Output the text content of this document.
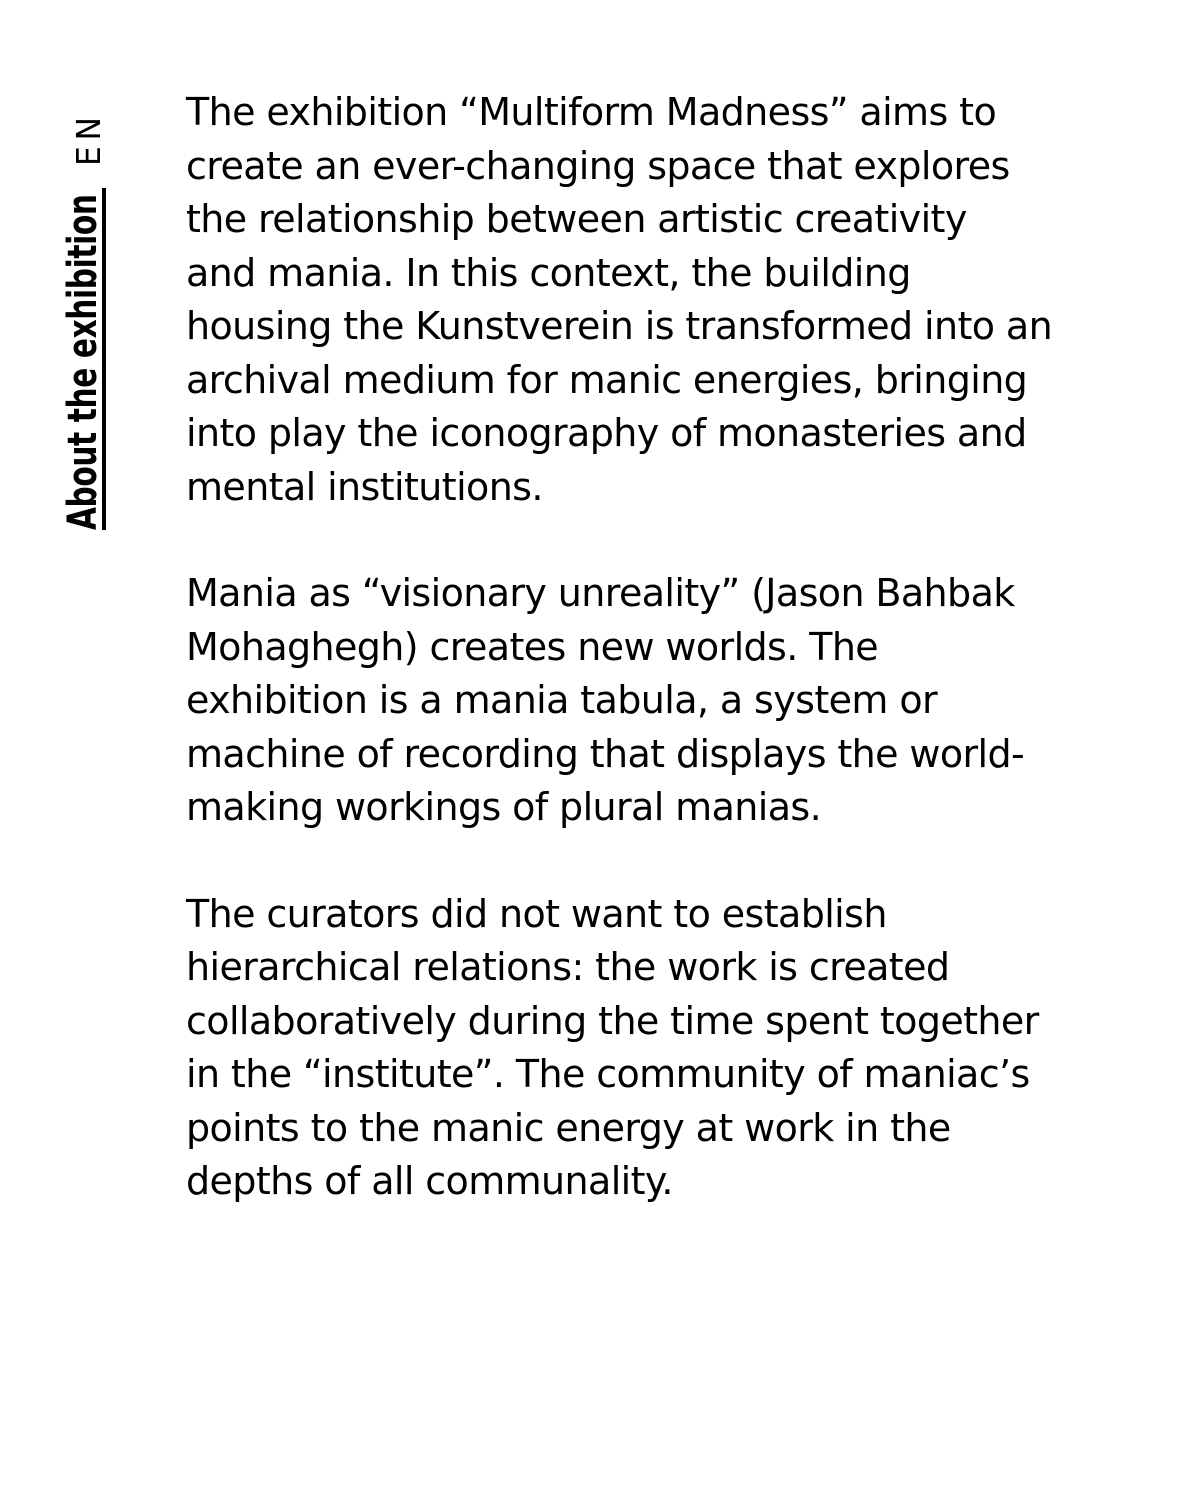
EN
About the exhibition

The exhibition “Multiform Madness” aims to
create an ever-changing space that explores
the relationship between artistic creativity
and mania. In this context, the building
housing the Kunstverein is transformed into an
archival medium for manic energies, bringing
into play the iconography of monasteries and
mental institutions.

Mania as “visionary unreality” (Jason Bahbak
Mohaghegh) creates new worlds. The
exhibition is a mania tabula, a system or
machine of recording that displays the world-
making workings of plural manias.

The curators did not want to establish
hierarchical relations: the work is created
collaboratively during the time spent together
in the “institute”. The community of maniac’s
points to the manic energy at work in the
depths of all communality.
